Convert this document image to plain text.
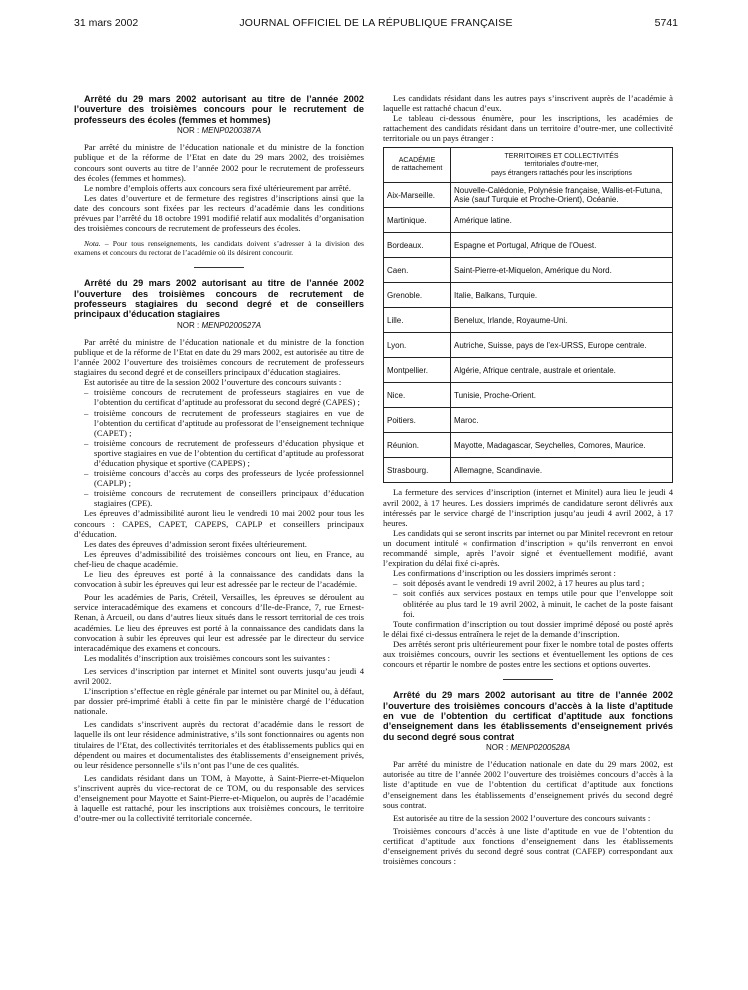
31 mars 2002	JOURNAL OFFICIEL DE LA RÉPUBLIQUE FRANÇAISE	5741

Arrêté du 29 mars 2002 autorisant au titre de l’année 2002 l’ouverture des troisièmes concours pour le recrutement de professeurs des écoles (femmes et hommes)

NOR : MENP0200387A

Par arrêté du ministre de l’éducation nationale et du ministre de la fonction publique et de la réforme de l’Etat en date du 29 mars 2002, des troisièmes concours sont ouverts au titre de l’année 2002 pour le recrutement de professeurs des écoles (femmes et hommes).

Le nombre d’emplois offerts aux concours sera fixé ultérieurement par arrêté.

Les dates d’ouverture et de fermeture des registres d’inscriptions ainsi que la date des concours sont fixées par les recteurs d’académie dans les conditions prévues par l’arrêté du 18 octobre 1991 modifié relatif aux modalités d’organisation des troisièmes concours de recrutement de professeurs des écoles.

Nota. – Pour tous renseignements, les candidats doivent s’adresser à la division des examens et concours du rectorat de l’académie où ils désirent concourir.

Arrêté du 29 mars 2002 autorisant au titre de l’année 2002 l’ouverture des troisièmes concours de recrutement de professeurs stagiaires du second degré et de conseillers principaux d’éducation stagiaires

NOR : MENP0200527A

Par arrêté du ministre de l’éducation nationale et du ministre de la fonction publique et de la réforme de l’Etat en date du 29 mars 2002, est autorisée au titre de l’année 2002 l’ouverture des troisièmes concours de recrutement de professeurs stagiaires du second degré et de conseillers principaux d’éducation stagiaires.

Est autorisée au titre de la session 2002 l’ouverture des concours suivants :

– troisième concours de recrutement de professeurs stagiaires en vue de l’obtention du certificat d’aptitude au professorat du second degré (CAPES) ;
– troisième concours de recrutement de professeurs stagiaires en vue de l’obtention du certificat d’aptitude au professorat de l’enseignement technique (CAPET) ;
– troisième concours de recrutement de professeurs d’éducation physique et sportive stagiaires en vue de l’obtention du certificat d’aptitude au professorat d’éducation physique et sportive (CAPEPS) ;
– troisième concours d’accès au corps des professeurs de lycée professionnel (CAPLP) ;
– troisième concours de recrutement de conseillers principaux d’éducation stagiaires (CPE).

Les épreuves d’admissibilité auront lieu le vendredi 10 mai 2002 pour tous les concours : CAPES, CAPET, CAPEPS, CAPLP et conseillers principaux d’éducation.

Les dates des épreuves d’admission seront fixées ultérieurement.

Les épreuves d’admissibilité des troisièmes concours ont lieu, en France, au chef-lieu de chaque académie.

Le lieu des épreuves est porté à la connaissance des candidats dans la convocation à subir les épreuves qui leur est adressée par le recteur de l’académie.

Pour les académies de Paris, Créteil, Versailles, les épreuves se déroulent au service interacadémique des examens et concours d’Ile-de-France, 7, rue Ernest-Renan, à Arcueil, ou dans d’autres lieux situés dans le ressort territorial de ces trois académies. Le lieu des épreuves est porté à la connaissance des candidats dans la convocation à subir les épreuves qui leur est adressée par le directeur du service interacadémique des examens et concours.

Les modalités d’inscription aux troisièmes concours sont les suivantes :

Les services d’inscription par internet et Minitel sont ouverts jusqu’au jeudi 4 avril 2002.

L’inscription s’effectue en règle générale par internet ou par Minitel ou, à défaut, par dossier pré-imprimé établi à cette fin par le ministère chargé de l’éducation nationale.

Les candidats s’inscrivent auprès du rectorat d’académie dans le ressort de laquelle ils ont leur résidence administrative, s’ils sont fonctionnaires ou agents non titulaires de l’Etat, des collectivités territoriales et des établissements publics qui en dépendent ou maires et documentalistes des établissements d’enseignement privés, ou leur résidence personnelle s’ils n’ont pas l’une de ces qualités.

Les candidats résidant dans un TOM, à Mayotte, à Saint-Pierre-et-Miquelon s’inscrivent auprès du vice-rectorat de ce TOM, ou du responsable des services d’enseignement pour Mayotte et Saint-Pierre-et-Miquelon, ou auprès de l’académie à laquelle est rattaché, pour les inscriptions aux troisièmes concours, le territoire d’outre-mer ou la collectivité territoriale concernée.

Les candidats résidant dans les autres pays s’inscrivent auprès de l’académie à laquelle est rattaché chacun d’eux.

Le tableau ci-dessous énumère, pour les inscriptions, les académies de rattachement des candidats résidant dans un territoire d’outre-mer, une collectivité territoriale ou un pays étranger :

ACADÉMIE
de rattachement	TERRITOIRES ET COLLECTIVITÉS
territoriales d’outre-mer,
pays étrangers rattachés pour les inscriptions
Aix-Marseille.	Nouvelle-Calédonie, Polynésie française, Wallis-et-Futuna, Asie (sauf Turquie et Proche-Orient), Océanie.
Martinique.	Amérique latine.
Bordeaux.	Espagne et Portugal, Afrique de l’Ouest.
Caen.	Saint-Pierre-et-Miquelon, Amérique du Nord.
Grenoble.	Italie, Balkans, Turquie.
Lille.	Benelux, Irlande, Royaume-Uni.
Lyon.	Autriche, Suisse, pays de l’ex-URSS, Europe centrale.
Montpellier.	Algérie, Afrique centrale, australe et orientale.
Nice.	Tunisie, Proche-Orient.
Poitiers.	Maroc.
Réunion.	Mayotte, Madagascar, Seychelles, Comores, Maurice.
Strasbourg.	Allemagne, Scandinavie.

La fermeture des services d’inscription (internet et Minitel) aura lieu le jeudi 4 avril 2002, à 17 heures. Les dossiers imprimés de candidature seront délivrés aux intéressés par le service chargé de l’inscription jusqu’au jeudi 4 avril 2002, à 17 heures.

Les candidats qui se seront inscrits par internet ou par Minitel recevront en retour un document intitulé « confirmation d’inscription » qu’ils renverront en envoi recommandé simple, après l’avoir signé et éventuellement modifié, avant l’expiration du délai fixé ci-après.

Les confirmations d’inscription ou les dossiers imprimés seront :

– soit déposés avant le vendredi 19 avril 2002, à 17 heures au plus tard ;
– soit confiés aux services postaux en temps utile pour que l’enveloppe soit oblitérée au plus tard le 19 avril 2002, à minuit, le cachet de la poste faisant foi.

Toute confirmation d’inscription ou tout dossier imprimé déposé ou posté après le délai fixé ci-dessus entraînera le rejet de la demande d’inscription.

Des arrêtés seront pris ultérieurement pour fixer le nombre total de postes offerts aux troisièmes concours, ouvrir les sections et éventuellement les options de ces concours et répartir le nombre de postes entre les sections et options ouvertes.

Arrêté du 29 mars 2002 autorisant au titre de l’année 2002 l’ouverture des troisièmes concours d’accès à la liste d’aptitude en vue de l’obtention du certificat d’aptitude aux fonctions d’enseignement dans les établissements d’enseignement privés du second degré sous contrat

NOR : MENP0200528A

Par arrêté du ministre de l’éducation nationale en date du 29 mars 2002, est autorisée au titre de l’année 2002 l’ouverture des troisièmes concours d’accès à la liste d’aptitude en vue de l’obtention du certificat d’aptitude aux fonctions d’enseignement dans les établissements d’enseignement privés du second degré sous contrat.

Est autorisée au titre de la session 2002 l’ouverture des concours suivants :

Troisièmes concours d’accès à une liste d’aptitude en vue de l’obtention du certificat d’aptitude aux fonctions d’enseignement dans les établissements d’enseignement privés du second degré sous contrat (CAFEP) correspondant aux troisièmes concours :
